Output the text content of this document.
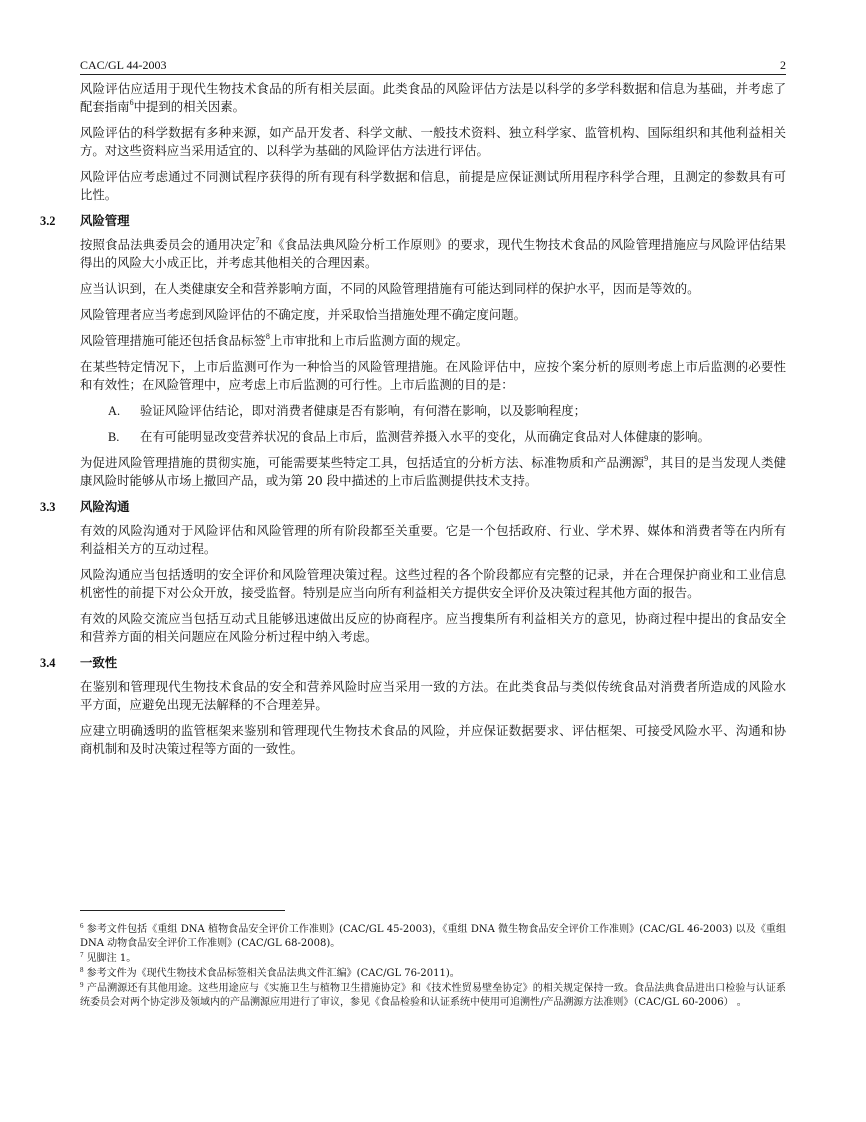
CAC/GL 44-2003	2

风险评估应适用于现代生物技术食品的所有相关层面。此类食品的风险评估方法是以科学的多学科数据和信息为基础，并考虑了配套指南$^6$中提到的相关因素。

风险评估的科学数据有多种来源，如产品开发者、科学文献、一般技术资料、独立科学家、监管机构、国际组织和其他利益相关方。对这些资料应当采用适宜的、以科学为基础的风险评估方法进行评估。

风险评估应考虑通过不同测试程序获得的所有现有科学数据和信息，前提是应保证测试所用程序科学合理，且测定的参数具有可比性。

3.2 风险管理

按照食品法典委员会的通用决定$^7$和《食品法典风险分析工作原则》的要求，现代生物技术食品的风险管理措施应与风险评估结果得出的风险大小成正比，并考虑其他相关的合理因素。

应当认识到，在人类健康安全和营养影响方面，不同的风险管理措施有可能达到同样的保护水平，因而是等效的。

风险管理者应当考虑到风险评估的不确定度，并采取恰当措施处理不确定度问题。

风险管理措施可能还包括食品标签$^8$上市审批和上市后监测方面的规定。

在某些特定情况下，上市后监测可作为一种恰当的风险管理措施。在风险评估中，应按个案分析的原则考虑上市后监测的必要性和有效性；在风险管理中，应考虑上市后监测的可行性。上市后监测的目的是：

A. 验证风险评估结论，即对消费者健康是否有影响，有何潜在影响，以及影响程度；
B. 在有可能明显改变营养状况的食品上市后，监测营养摄入水平的变化，从而确定食品对人体健康的影响。

为促进风险管理措施的贯彻实施，可能需要某些特定工具，包括适宜的分析方法、标准物质和产品溯源$^9$，其目的是当发现人类健康风险时能够从市场上撤回产品，或为第 20 段中描述的上市后监测提供技术支持。

3.3 风险沟通

有效的风险沟通对于风险评估和风险管理的所有阶段都至关重要。它是一个包括政府、行业、学术界、媒体和消费者等在内所有利益相关方的互动过程。

风险沟通应当包括透明的安全评价和风险管理决策过程。这些过程的各个阶段都应有完整的记录，并在合理保护商业和工业信息机密性的前提下对公众开放，接受监督。特别是应当向所有利益相关方提供安全评价及决策过程其他方面的报告。

有效的风险交流应当包括互动式且能够迅速做出反应的协商程序。应当搜集所有利益相关方的意见，协商过程中提出的食品安全和营养方面的相关问题应在风险分析过程中纳入考虑。

3.4 一致性

在鉴别和管理现代生物技术食品的安全和营养风险时应当采用一致的方法。在此类食品与类似传统食品对消费者所造成的风险水平方面，应避免出现无法解释的不合理差异。

应建立明确透明的监管框架来鉴别和管理现代生物技术食品的风险，并应保证数据要求、评估框架、可接受风险水平、沟通和协商机制和及时决策过程等方面的一致性。

$^6$ 参考文件包括《重组 DNA 植物食品安全评价工作准则》(CAC/GL 45-2003)，《重组 DNA 微生物食品安全评价工作准则》(CAC/GL 46-2003) 以及《重组 DNA 动物食品安全评价工作准则》(CAC/GL 68-2008)。

$^7$ 见脚注 1。

$^8$ 参考文件为《现代生物技术食品标签相关食品法典文件汇编》(CAC/GL 76-2011)。

$^9$ 产品溯源还有其他用途。这些用途应与《实施卫生与植物卫生措施协定》和《技术性贸易壁垒协定》的相关规定保持一致。食品法典食品进出口检验与认证系统委员会对两个协定涉及领域内的产品溯源应用进行了审议，参见《食品检验和认证系统中使用可追溯性/产品溯源方法准则》（CAC/GL 60-2006） 。
